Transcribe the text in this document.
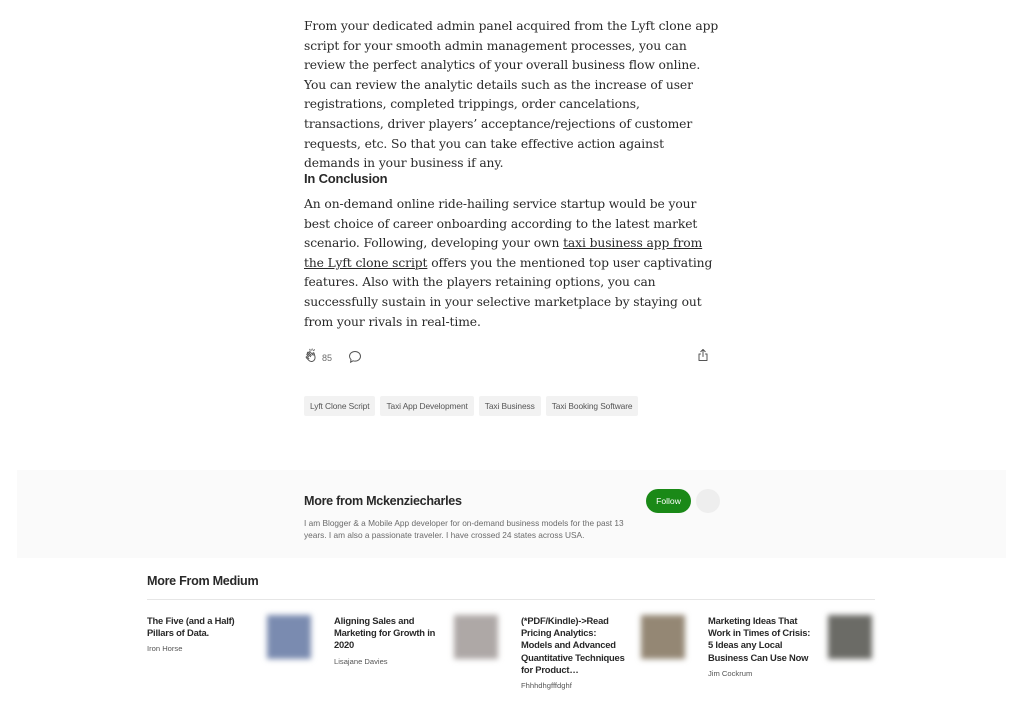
From your dedicated admin panel acquired from the Lyft clone app script for your smooth admin management processes, you can review the perfect analytics of your overall business flow online. You can review the analytic details such as the increase of user registrations, completed trippings, order cancelations, transactions, driver players’ acceptance/rejections of customer requests, etc. So that you can take effective action against demands in your business if any.

In Conclusion

An on-demand online ride-hailing service startup would be your best choice of career onboarding according to the latest market scenario. Following, developing your own taxi business app from the Lyft clone script offers you the mentioned top user captivating features. Also with the players retaining options, you can successfully sustain in your selective marketplace by staying out from your rivals in real-time.

85
Lyft Clone Script	Taxi App Development	Taxi Business	Taxi Booking Software
More from Mckenziecharles
I am Blogger & a Mobile App developer for on-demand business models for the past 13 years. I am also a passionate traveler. I have crossed 24 states across USA.
Follow
More From Medium
The Five (and a Half) Pillars of Data.
Iron Horse
Aligning Sales and Marketing for Growth in 2020
Lisajane Davies
(*PDF/Kindle)->Read Pricing Analytics: Models and Advanced Quantitative Techniques for Product…
Fhhhdhgfffdghf
Marketing Ideas That Work in Times of Crisis: 5 Ideas any Local Business Can Use Now
Jim Cockrum
